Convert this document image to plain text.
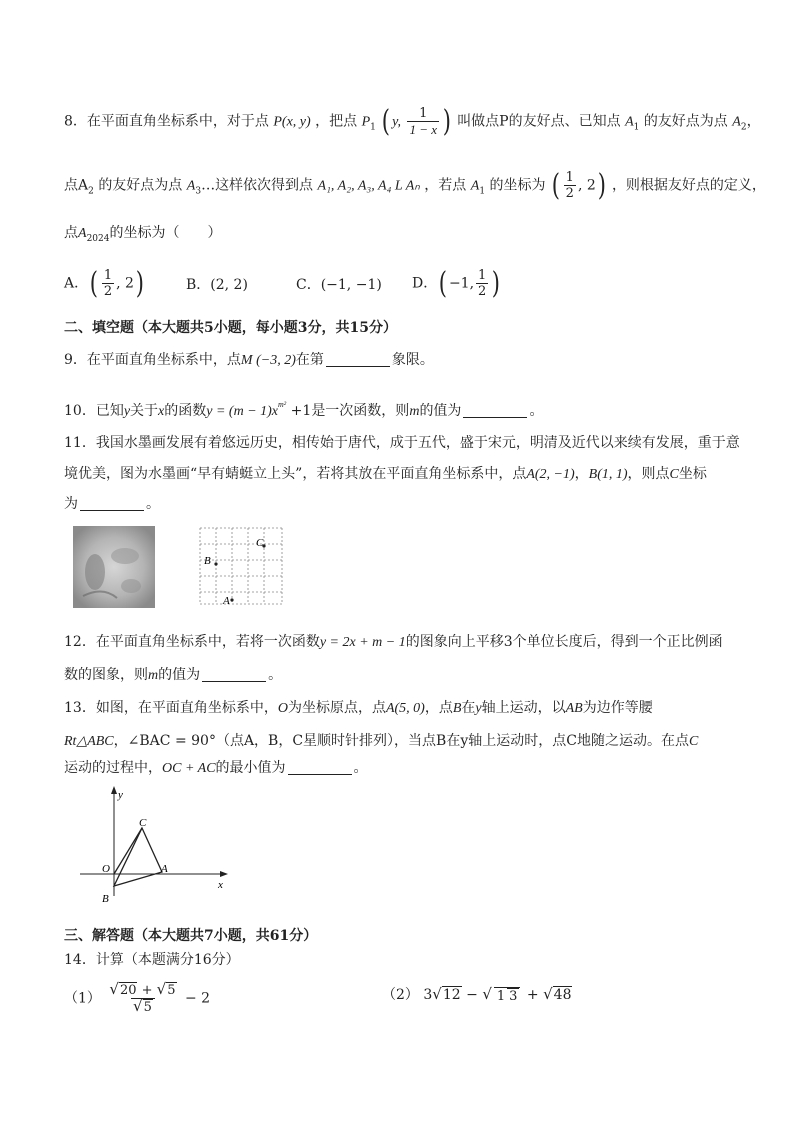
8．在平面直角坐标系中，对于点 P(x, y) ，把点 $P_1$ ( y, $\frac{1}{1 - x}$ ) 叫做点P的友好点、已知点 $A_1$ 的友好点为点 $A_2$，
点$A_2$ 的友好点为点 $A_3\dots$这样依次得到点 A₁, A₂, A₃, A₄ L Aₙ ，若点 $A_1$ 的坐标为 ( $\frac{1}{2}$ , 2) ，则根据友好点的定义，
点$A_{2024}$的坐标为（　　）
A．( $\frac{1}{2}$ , 2)	B．(2, 2)	C．(−1, −1) D．( −1, $\frac{1}{2}$ )
二、填空题（本大题共5小题，每小题3分，共15分）
9．在平面直角坐标系中，点M (−3, 2)在第	象限。
10．已知y关于x的函数$y = (m - 1)x^{m^2} +1$是一次函数，则m的值为	。
11．我国水墨画发展有着悠远历史，相传始于唐代，成于五代，盛于宋元，明清及近代以来续有发展，重于意
境优美，图为水墨画“早有蜻蜓立上头”，若将其放在平面直角坐标系中，点A(2, −1)，B(1, 1)，则点C坐标
为	。
B
C
A
12．在平面直角坐标系中，若将一次函数y = 2x + m − 1的图象向上平移3个单位长度后，得到一个正比例函
数的图象，则m的值为	。
13．如图，在平面直角坐标系中，O为坐标原点，点A(5, 0)，点B在y轴上运动，以AB为边作等腰
Rt△ABC，∠BAC = 90°（点A，B，C星顺时针排列），当点B在y轴上运动时，点C地随之运动。在点C
运动的过程中，OC + AC的最小值为	。
y
x
C
O	A
B
三、解答题（本大题共7小题，共61分）
14．计算（本题满分16分）
$(1) \frac{√20 + √5}{√5} - 2$	（2） 3√12 − √ 1 3 + √48
